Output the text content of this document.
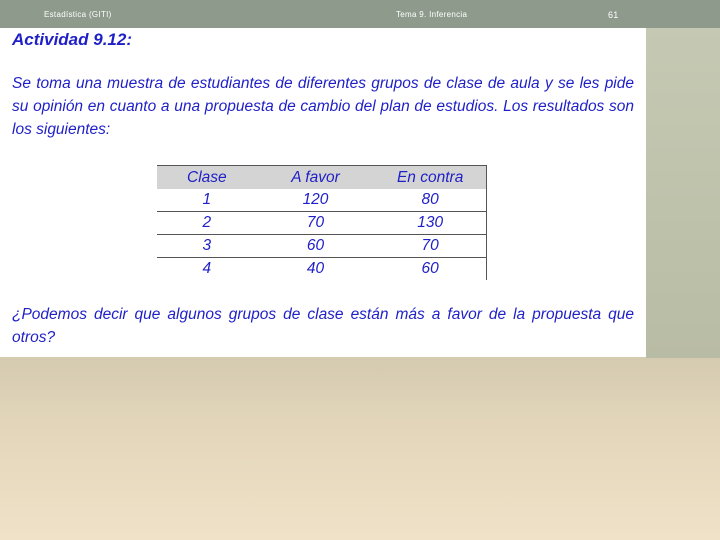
Estadística (GITI)	Tema 9. Inferencia	61
Actividad 9.12:

Se toma una muestra de estudiantes de diferentes grupos de clase de aula y se les pide su opinión en cuanto a una propuesta de cambio del plan de estudios. Los resultados son los siguientes:

Clase	A favor	En contra
1	120	80
2	70	130
3	60	70
4	40	60

¿Podemos decir que algunos grupos de clase están más a favor de la propuesta que otros?
